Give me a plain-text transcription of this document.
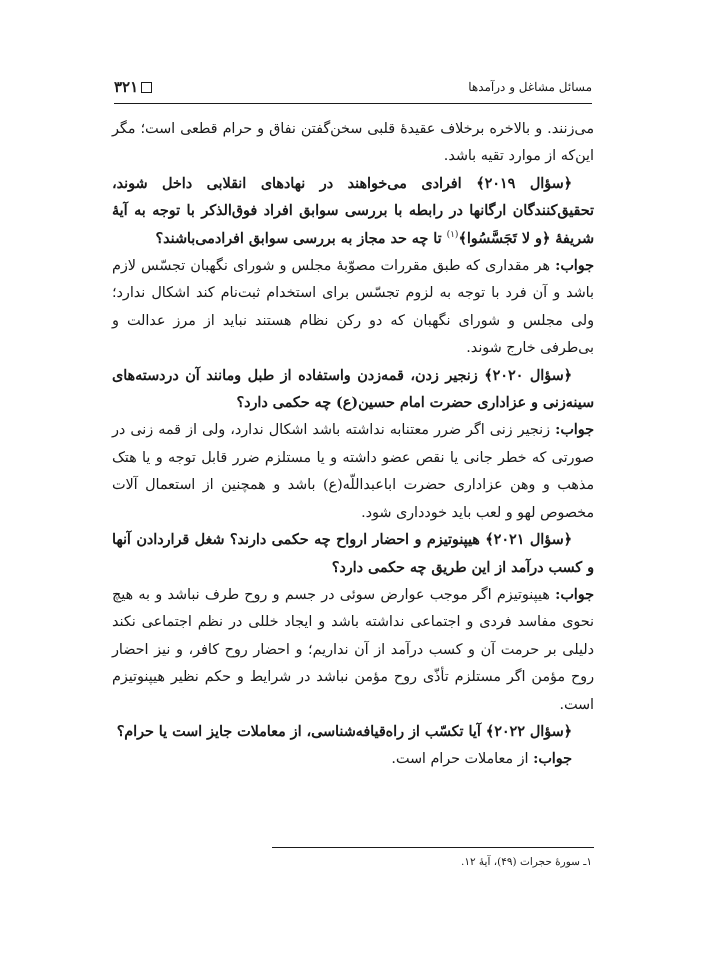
مسائل مشاغل و درآمدها
۳۲۱

می‌زنند. و بالاخره برخلاف عقیدهٔ قلبی سخن‌گفتن نفاق و حرام قطعی است؛ مگر این‌که از موارد تقیه باشد.

﴿سؤال ۲۰۱۹﴾ افرادی می‌خواهند در نهادهای انقلابی داخل شوند، تحقیق‌کنندگان ارگانها در رابطه با بررسی سوابق افراد فوق‌الذکر با توجه به آیهٔ شریفهٔ ﴿و لا تَجَسَّسُوا﴾$^{(۱)}$ تا چه حد مجاز به بررسی سوابق افرادمی‌باشند؟

جواب: هر مقداری که طبق مقررات مصوّبهٔ مجلس و شورای نگهبان تجسّس لازم باشد و آن فرد با توجه به لزوم تجسّس برای استخدام ثبت‌نام کند اشکال ندارد؛ ولی مجلس و شورای نگهبان که دو رکن نظام هستند نباید از مرز عدالت و بی‌طرفی خارج شوند.

﴿سؤال ۲۰۲۰﴾ زنجیر زدن، قمه‌زدن واستفاده از طبل ومانند آن دردسته‌های سینه‌زنی و عزاداری حضرت امام حسین(ع) چه حکمی دارد؟

جواب: زنجیر زنی اگر ضرر معتنابه نداشته باشد اشکال ندارد، ولی از قمه زنی در صورتی که خطر جانی یا نقص عضو داشته و یا مستلزم ضرر قابل توجه و یا هتک مذهب و وهن عزاداری حضرت اباعبداللّه(ع) باشد و همچنین از استعمال آلات مخصوص لهو و لعب باید خودداری شود.

﴿سؤال ۲۰۲۱﴾ هیپنوتیزم و احضار ارواح چه حکمی دارند؟ شغل قراردادن آنها و کسب درآمد از این طریق چه حکمی دارد؟

جواب: هیپنوتیزم اگر موجب عوارض سوئی در جسم و روح طرف نباشد و به هیچ نحوی مفاسد فردی و اجتماعی نداشته باشد و ایجاد خللی در نظم اجتماعی نکند دلیلی بر حرمت آن و کسب درآمد از آن نداریم؛ و احضار روح کافر، و نیز احضار روح مؤمن اگر مستلزم تأذّی روح مؤمن نباشد در شرایط و حکم نظیر هیپنوتیزم است.

﴿سؤال ۲۰۲۲﴾ آیا تکسّب از راه‌قیافه‌شناسی، از معاملات جایز است یا حرام؟

جواب: از معاملات حرام است.

۱ـ سورهٔ حجرات (۴۹)، آیهٔ ۱۲.
